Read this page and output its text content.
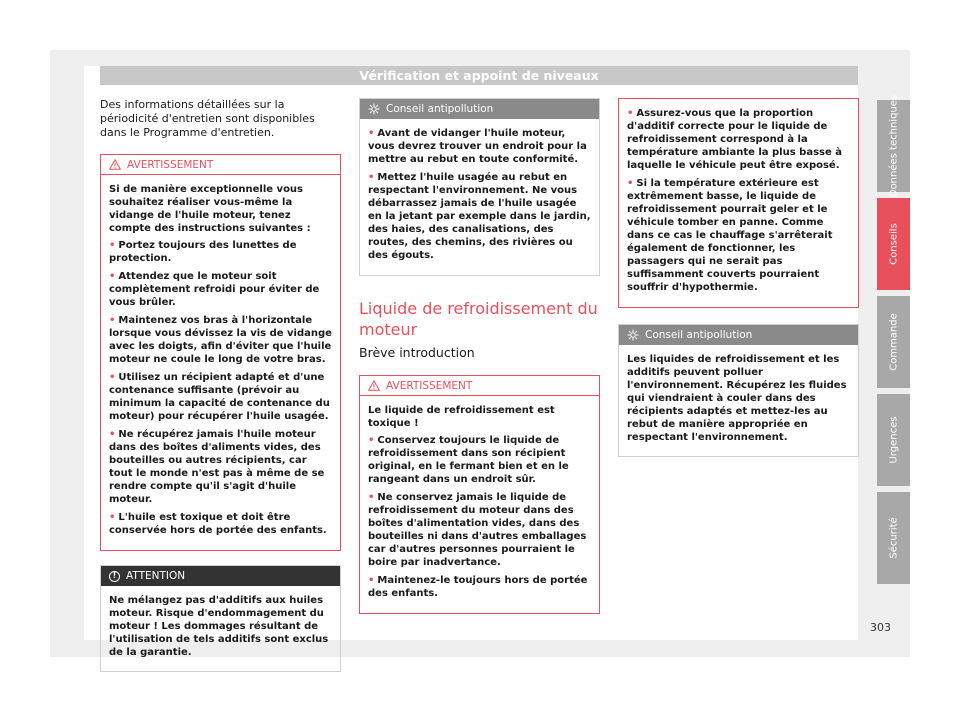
Vérification et appoint de niveaux

Des informations détaillées sur la périodicité d'entretien sont disponibles dans le Programme d'entretien.

AVERTISSEMENT

Si de manière exceptionnelle vous souhaitez réaliser vous-même la vidange de l'huile moteur, tenez compte des instructions suivantes :

• Portez toujours des lunettes de protection.
• Attendez que le moteur soit complètement refroidi pour éviter de vous brûler.
• Maintenez vos bras à l'horizontale lorsque vous dévissez la vis de vidange avec les doigts, afin d'éviter que l'huile moteur ne coule le long de votre bras.
• Utilisez un récipient adapté et d'une contenance suffisante (prévoir au minimum la capacité de contenance du moteur) pour récupérer l'huile usagée.
• Ne récupérez jamais l'huile moteur dans des boîtes d'aliments vides, des bouteilles ou autres récipients, car tout le monde n'est pas à même de se rendre compte qu'il s'agit d'huile moteur.
• L'huile est toxique et doit être conservée hors de portée des enfants.
! ATTENTION

Ne mélangez pas d'additifs aux huiles moteur. Risque d'endommagement du moteur ! Les dommages résultant de l'utilisation de tels additifs sont exclus de la garantie.

Conseil antipollution
• Avant de vidanger l'huile moteur, vous devrez trouver un endroit pour la mettre au rebut en toute conformité.
• Mettez l'huile usagée au rebut en respectant l'environnement. Ne vous débarrassez jamais de l'huile usagée en la jetant par exemple dans le jardin, des haies, des canalisations, des routes, des chemins, des rivières ou des égouts.
Liquide de refroidissement du moteur
Brève introduction
AVERTISSEMENT

Le liquide de refroidissement est toxique !

• Conservez toujours le liquide de refroidissement dans son récipient original, en le fermant bien et en le rangeant dans un endroit sûr.
• Ne conservez jamais le liquide de refroidissement du moteur dans des boîtes d'alimentation vides, dans des bouteilles ni dans d'autres emballages car d'autres personnes pourraient le boire par inadvertance.
• Maintenez-le toujours hors de portée des enfants.
• Assurez-vous que la proportion d'additif correcte pour le liquide de refroidissement correspond à la température ambiante la plus basse à laquelle le véhicule peut être exposé.
• Si la température extérieure est extrêmement basse, le liquide de refroidissement pourrait geler et le véhicule tomber en panne. Comme dans ce cas le chauffage s'arrêterait également de fonctionner, les passagers qui ne serait pas suffisamment couverts pourraient souffrir d'hypothermie.
Conseil antipollution

Les liquides de refroidissement et les additifs peuvent polluer l'environnement. Récupérez les fluides qui viendraient à couler dans des récipients adaptés et mettez-les au rebut de manière appropriée en respectant l'environnement.

Données techniques
Conseils
Commande
Urgences
Sécurité
303
